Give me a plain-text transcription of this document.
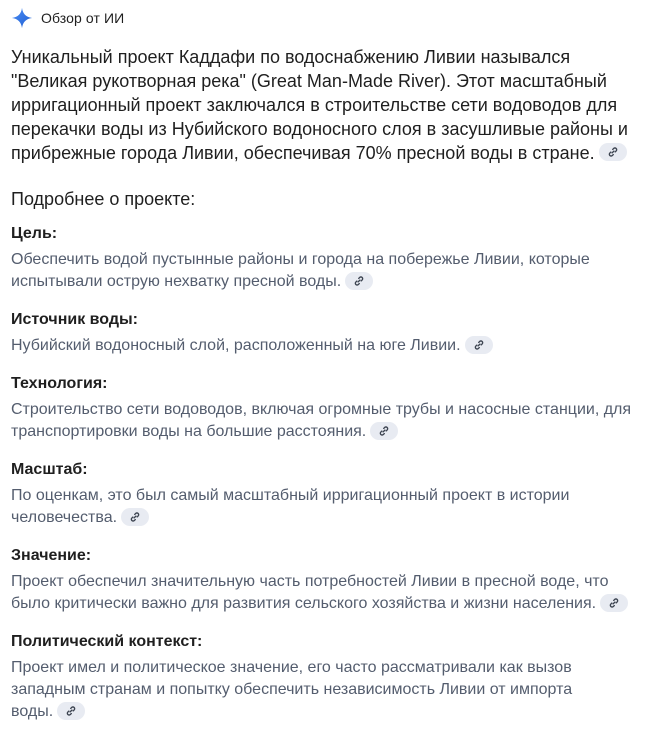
Обзор от ИИ
Уникальный проект Каддафи по водоснабжению Ливии назывался "Великая рукотворная река" (Great Man-Made River). Этот масштабный ирригационный проект заключался в строительстве сети водоводов для перекачки воды из Нубийского водоносного слоя в засушливые районы и прибрежные города Ливии, обеспечивая 70% пресной воды в стране.
Подробнее о проекте:
Цель:
Обеспечить водой пустынные районы и города на побережье Ливии, которые испытывали острую нехватку пресной воды.
Источник воды:
Нубийский водоносный слой, расположенный на юге Ливии.
Технология:
Строительство сети водоводов, включая огромные трубы и насосные станции, для транспортировки воды на большие расстояния.
Масштаб:
По оценкам, это был самый масштабный ирригационный проект в истории человечества.
Значение:
Проект обеспечил значительную часть потребностей Ливии в пресной воде, что было критически важно для развития сельского хозяйства и жизни населения.
Политический контекст:
Проект имел и политическое значение, его часто рассматривали как вызов западным странам и попытку обеспечить независимость Ливии от импорта воды.
